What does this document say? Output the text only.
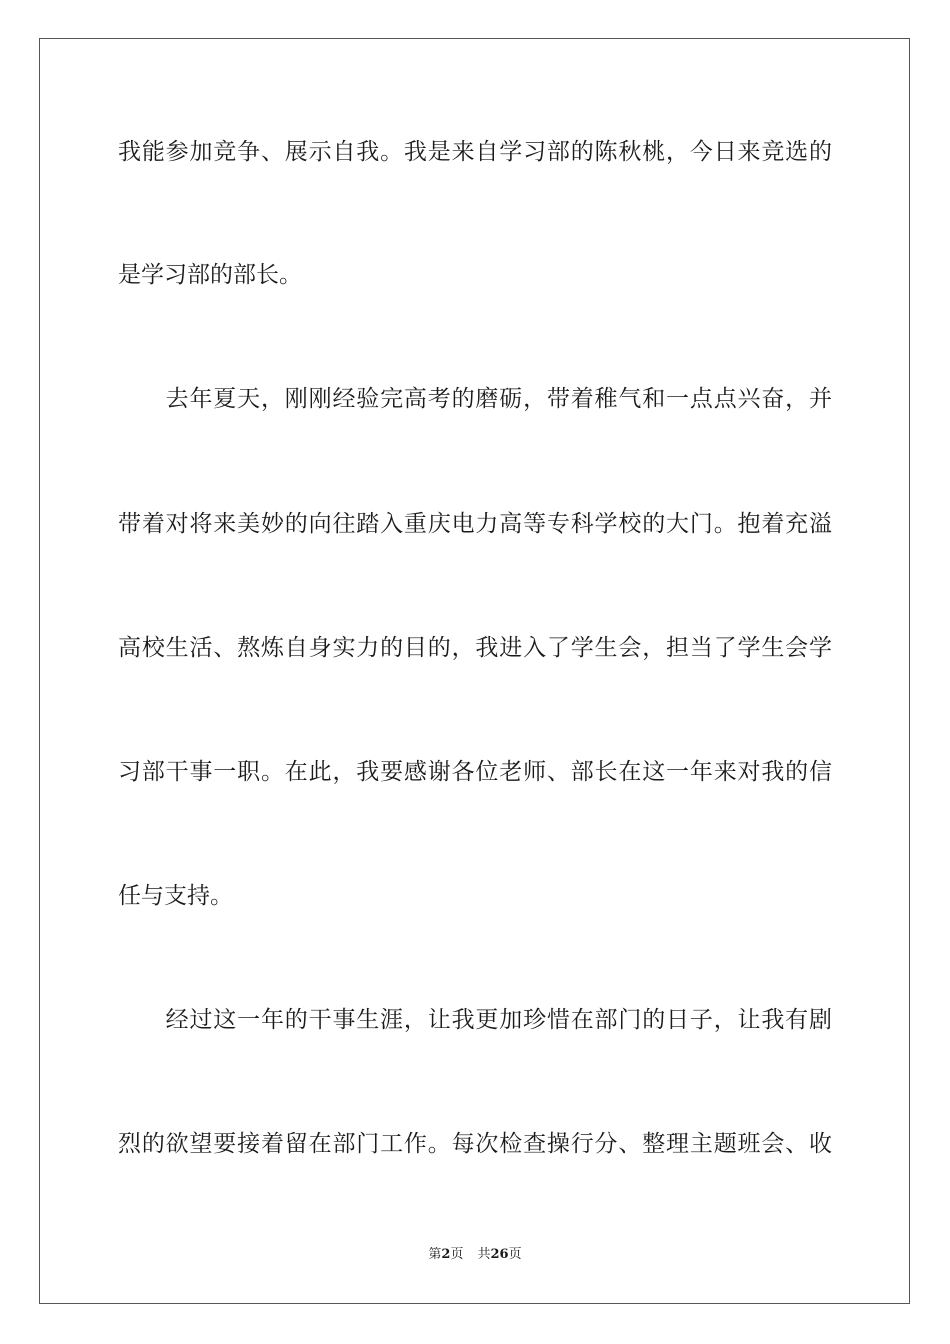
我能参加竞争、展示自我。我是来自学习部的陈秋桃，今日来竞选的
是学习部的部长。
　　去年夏天，刚刚经验完高考的磨砺，带着稚气和一点点兴奋，并
带着对将来美妙的向往踏入重庆电力高等专科学校的大门。抱着充溢
高校生活、熬炼自身实力的目的，我进入了学生会，担当了学生会学
习部干事一职。在此，我要感谢各位老师、部长在这一年来对我的信
任与支持。
　　经过这一年的干事生涯，让我更加珍惜在部门的日子，让我有剧
烈的欲望要接着留在部门工作。每次检查操行分、整理主题班会、收
第2页 共26页
